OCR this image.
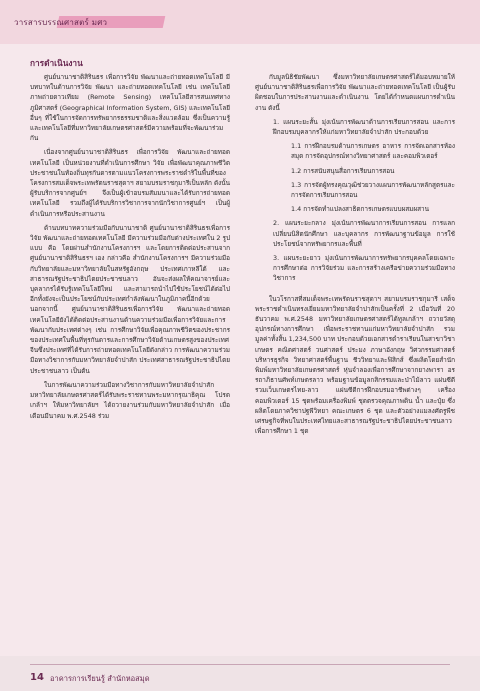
วารสารบรรณศาสตร์ มศว
การดำเนินงาน

ศูนย์นานาชาติสิรินธร เพื่อการวิจัย พัฒนาและถ่ายทอดเทคโนโลยี มีบทบาทในด้านการวิจัย พัฒนา และถ่ายทอดเทคโนโลยี เช่น เทคโนโลยีภาพถ่ายดาวเทียม (Remote Sensing) เทคโนโลยีสารสนเทศทางภูมิศาสตร์ (Geographical Information System, GIS) และเทคโนโลยีอื่นๆ ที่ใช้ในการจัดการทรัพยากรธรรมชาติและสิ่งแวดล้อม ซึ่งเป็นความรู้และเทคโนโลยีที่มหาวิทยาลัยเกษตรศาสตร์มีความพร้อมที่จะพัฒนาร่วมกัน

เนื่องจากศูนย์นานาชาติสิรินธร เพื่อการวิจัย พัฒนาและถ่ายทอดเทคโนโลยี เป็นหน่วยงานที่ดำเนินการศึกษา วิจัย เพื่อพัฒนาคุณภาพชีวิตประชาชนในท้องถิ่นทุรกันดารตามแนวโครงการพระราชดำริในพื้นที่ของโครงการสมเด็จพระเทพรัตนราชสุดาฯ สยามบรมราชกุมารีเป็นหลัก ดังนั้น ผู้รับบริการจากศูนย์ฯ จึงเป็นผู้เข้าอบรมสัมมนาและได้รับการถ่ายทอดเทคโนโลยี รวมถึงผู้ได้รับบริการวิชาการจากนักวิชาการศูนย์ฯ เป็นผู้ดำเนินการหรือประสานงาน

ด้านบทบาทความร่วมมือกับนานาชาติ ศูนย์นานาชาติสิรินธรเพื่อการวิจัย พัฒนาและถ่ายทอดเทคโนโลยี มีความร่วมมือกับต่างประเทศใน 2 รูปแบบ คือ โดยผ่านสำนักงานโครงการฯ และโดยการติดต่อประสานจากศูนย์นานาชาติสิรินธรฯ เอง กล่าวคือ สำนักงานโครงการฯ มีความร่วมมือกับวิทยาลัยและมหาวิทยาลัยในสหรัฐอังกฤษ ประเทศเกาหลีใต้ และสาธารณรัฐประชาธิปไตยประชาชนลาว อันจะส่งผลให้คณาจารย์และบุคลากรได้รับรู้เทคโนโลยีใหม่ และสามารถนำไปใช้ประโยชน์ได้ต่อไป อีกทั้งยังจะเป็นประโยชน์กับประเทศกำลังพัฒนาในภูมิภาคนี้อีกด้วย นอกจากนี้ ศูนย์นานาชาติสิรินธรเพื่อการวิจัย พัฒนาและถ่ายทอดเทคโนโลยียังได้ติดต่อประสานงานด้านความร่วมมือเพื่อการวิจัยและการพัฒนากับประเทศต่างๆ เช่น การศึกษาวิจัยเพื่อคุณภาพชีวิตของประชากรของประเทศในพื้นที่ทุรกันดารและการศึกษาวิจัยด้านเกษตรสูงของประเทศจีนซึ่งประเทศที่ได้รับการถ่ายทอดเทคโนโลยีดังกล่าว การพัฒนาความร่วมมือทางวิชาการกับมหาวิทยาลัยจำปาสัก ประเทศสาธารณรัฐประชาธิปไตยประชาชนลาว เป็นต้น

ในการพัฒนาความร่วมมือทางวิชาการกับมหาวิทยาลัยจำปาสัก มหาวิทยาลัยเกษตรศาสตร์ได้รับพระราชทานพระมหากรุณาธิคุณ โปรดเกล้าฯ ให้มหาวิทยาลัยฯ ได้ถวายงานร่วมกับมหาวิทยาลัยจำปาสัก เมื่อเดือนมีนาคม พ.ศ.2548 ร่วม

กับมูลนิธิชัยพัฒนา ซึ่งมหาวิทยาลัยเกษตรศาสตร์ได้มอบหมายให้ศูนย์นานาชาติสิรินธรเพื่อการวิจัย พัฒนาและถ่ายทอดเทคโนโลยี เป็นผู้รับผิดชอบในการประสานงานและดำเนินงาน โดยได้กำหนดแผนการดำเนินงาน ดังนี้

1. แผนระยะสั้น มุ่งเน้นการพัฒนาด้านการเรียนการสอน และการฝึกอบรมบุคลากรให้แก่มหาวิทยาลัยจำปาสัก ประกอบด้วย

1.1 การฝึกอบรมด้านการเกษตร อาหาร การจัดเอกสารห้องสมุด การจัดอุปกรณ์ทางวิทยาศาสตร์ และคอมพิวเตอร์

1.2 การสนับสนุนสื่อการเรียนการสอน

1.3 การจัดผู้ทรงคุณวุฒิช่วยวางแผนการพัฒนาหลักสูตรและการจัดการเรียนการสอน

1.4 การจัดทำแปลงสาธิตการเกษตรแบบผสมผสาน

2. แผนระยะกลาง มุ่งเน้นการพัฒนาการเรียนการสอน การแลกเปลี่ยนนิสิตนักศึกษา และบุคลากร การพัฒนาฐานข้อมูล การใช้ประโยชน์จากทรัพยากรและพื้นที่

3. แผนระยะยาว มุ่งเน้นการพัฒนาการทรัพยากรบุคคลโดยเฉพาะการศึกษาต่อ การวิจัยร่วม และการสร้างเครือข่ายความร่วมมือทางวิชาการ

ในวโรกาสที่สมเด็จพระเทพรัตนราชสุดาฯ สยามบรมราชกุมารี เสด็จพระราชดำเนินทรงเยี่ยมมหาวิทยาลัยจำปาสักเป็นครั้งที่ 2 เมื่อวันที่ 20 ธันวาคม พ.ศ.2548 มหาวิทยาลัยเกษตรศาสตร์ได้ทูลเกล้าฯ ถวายวัสดุอุปกรณ์ทางการศึกษา เพื่อพระราชทานแก่มหาวิทยาลัยจำปาสัก รวมมูลค่าทั้งสิ้น 1,234,500 บาท ประกอบด้วยเอกสารตำราเรียนในสาขาวิชาเกษตร คณิตศาสตร์ วนศาสตร์ ประมง ภาษาอังกฤษ วิศวกรรมศาสตร์ บริหารธุรกิจ วิทยาศาสตร์พื้นฐาน ชีววิทยาและฟิสิกส์ ซึ่งผลิตโดยสำนักพิมพ์มหาวิทยาลัยเกษตรศาสตร์ หุ่นจำลองเพื่อการศึกษาจากยางพารา อรรถาภิธานศัพท์เกษตรลาว พร้อมฐานข้อมูลกสิกรรมและป่าไม้ลาว แผ่นซีดีรวมเว็บเกษตรไทย-ลาว แผ่นซีดีการฝึกอบรมอาชีพต่างๆ เครื่องคอมพิวเตอร์ 15 ชุดพร้อมเครื่องพิมพ์ ชุดตรวจคุณภาพดิน น้ำ และปุ๋ย ซึ่งผลิตโดยภาควิชาปฐพีวิทยา คณะเกษตร 6 ชุด และตัวอย่างแมลงศัตรูพืชเศรษฐกิจที่พบในประเทศไทยและสาธารณรัฐประชาธิปไตยประชาชนลาวเพื่อการศึกษา 1 ชุด

14 อาคารการเรียนรู้ สำนักหอสมุด
